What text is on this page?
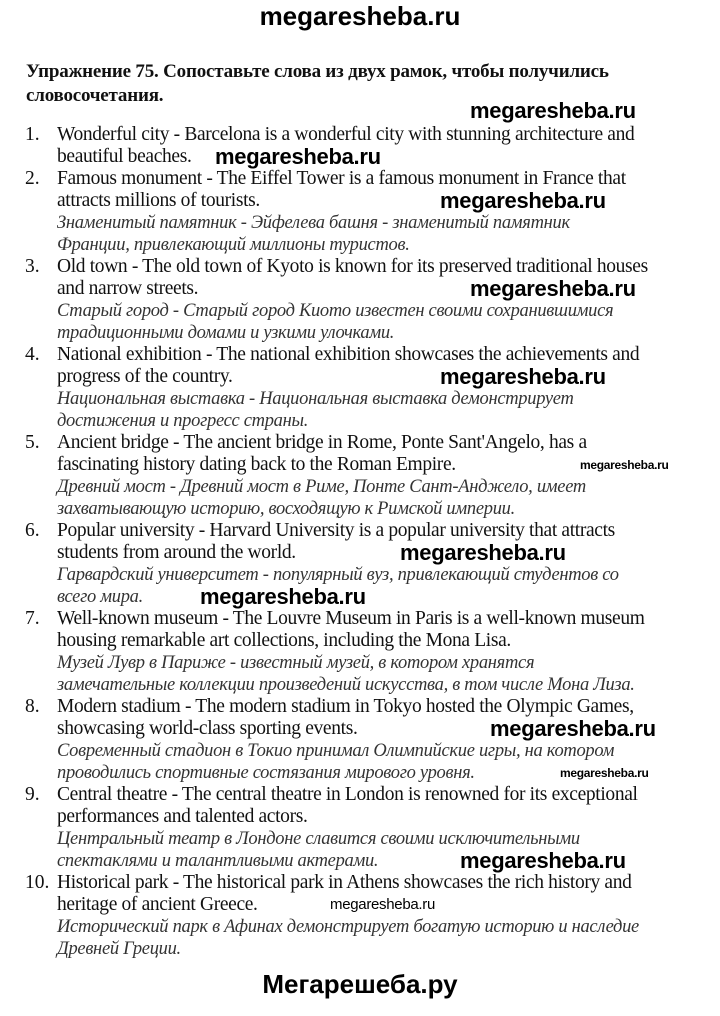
megaresheba.ru
Упражнение 75. Сопоставьте слова из двух рамок, чтобы получились
словосочетания.
1. Wonderful city - Barcelona is a wonderful city with stunning architecture and
beautiful beaches.
2. Famous monument - The Eiffel Tower is a famous monument in France that
attracts millions of tourists.
Знаменитый памятник - Эйфелева башня - знаменитый памятник
Франции, привлекающий миллионы туристов.
3. Old town - The old town of Kyoto is known for its preserved traditional houses
and narrow streets.
Старый город - Старый город Киото известен своими сохранившимися
традиционными домами и узкими улочками.
4. National exhibition - The national exhibition showcases the achievements and
progress of the country.
Национальная выставка - Национальная выставка демонстрирует
достижения и прогресс страны.
5. Ancient bridge - The ancient bridge in Rome, Ponte Sant'Angelo, has a
fascinating history dating back to the Roman Empire.
Древний мост - Древний мост в Риме, Понте Сант-Анджело, имеет
захватывающую историю, восходящую к Римской империи.
6. Popular university - Harvard University is a popular university that attracts
students from around the world.
Гарвардский университет - популярный вуз, привлекающий студентов со
всего мира.
7. Well-known museum - The Louvre Museum in Paris is a well-known museum
housing remarkable art collections, including the Mona Lisa.
Музей Лувр в Париже - известный музей, в котором хранятся
замечательные коллекции произведений искусства, в том числе Мона Лиза.
8. Modern stadium - The modern stadium in Tokyo hosted the Olympic Games,
showcasing world-class sporting events.
Современный стадион в Токио принимал Олимпийские игры, на котором
проводились спортивные состязания мирового уровня.
9. Central theatre - The central theatre in London is renowned for its exceptional
performances and talented actors.
Центральный театр в Лондоне славится своими исключительными
спектаклями и талантливыми актерами.
10. Historical park - The historical park in Athens showcases the rich history and
heritage of ancient Greece.
Исторический парк в Афинах демонстрирует богатую историю и наследие
Древней Греции.
megaresheba.ru
megaresheba.ru
megaresheba.ru
megaresheba.ru
megaresheba.ru
megaresheba.ru
megaresheba.ru
megaresheba.ru
megaresheba.ru
megaresheba.ru
megaresheba.ru
megaresheba.ru
Мегарешеба.ру
